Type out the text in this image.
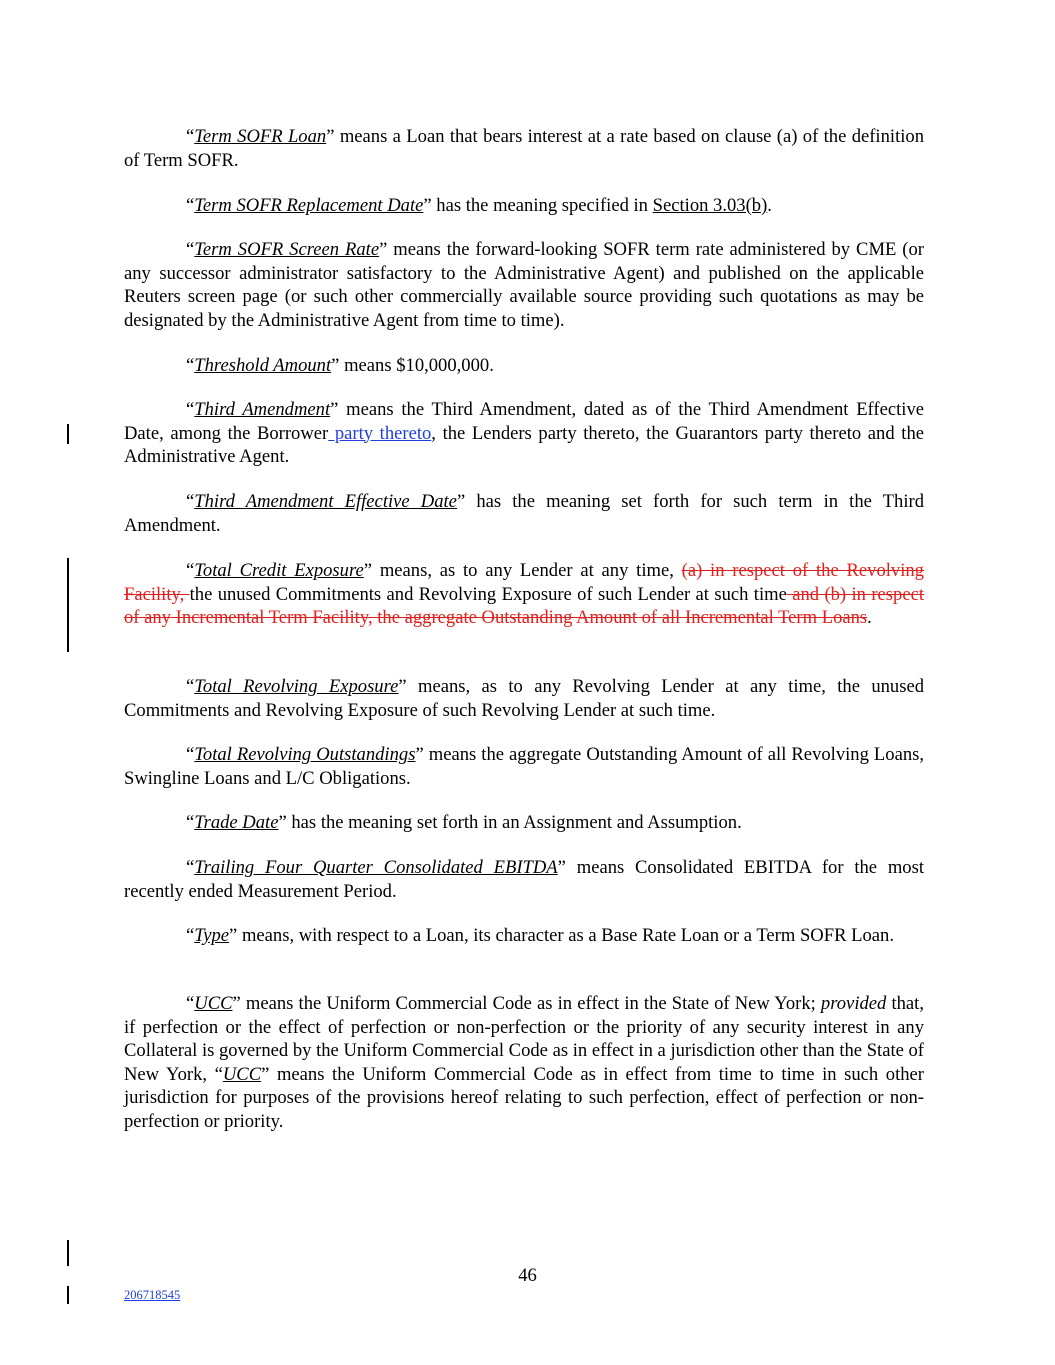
“Term SOFR Loan” means a Loan that bears interest at a rate based on clause (a) of the definition of Term SOFR.

“Term SOFR Replacement Date” has the meaning specified in Section 3.03(b).

“Term SOFR Screen Rate” means the forward-looking SOFR term rate administered by CME (or any successor administrator satisfactory to the Administrative Agent) and published on the applicable Reuters screen page (or such other commercially available source providing such quotations as may be designated by the Administrative Agent from time to time).

“Threshold Amount” means $10,000,000.

“Third Amendment” means the Third Amendment, dated as of the Third Amendment Effective Date, among the Borrower party thereto, the Lenders party thereto, the Guarantors party thereto and the Administrative Agent.

“Third Amendment Effective Date” has the meaning set forth for such term in the Third Amendment.

“Total Credit Exposure” means, as to any Lender at any time, (a) in respect of the Revolving Facility, the unused Commitments and Revolving Exposure of such Lender at such time and (b) in respect of any Incremental Term Facility, the aggregate Outstanding Amount of all Incremental Term Loans.

“Total Revolving Exposure” means, as to any Revolving Lender at any time, the unused Commitments and Revolving Exposure of such Revolving Lender at such time.

“Total Revolving Outstandings” means the aggregate Outstanding Amount of all Revolving Loans, Swingline Loans and L/C Obligations.

“Trade Date” has the meaning set forth in an Assignment and Assumption.

“Trailing Four Quarter Consolidated EBITDA” means Consolidated EBITDA for the most recently ended Measurement Period.

“Type” means, with respect to a Loan, its character as a Base Rate Loan or a Term SOFR Loan.

“UCC” means the Uniform Commercial Code as in effect in the State of New York; provided that, if perfection or the effect of perfection or non-perfection or the priority of any security interest in any Collateral is governed by the Uniform Commercial Code as in effect in a jurisdiction other than the State of New York, “UCC” means the Uniform Commercial Code as in effect from time to time in such other jurisdiction for purposes of the provisions hereof relating to such perfection, effect of perfection or non-perfection or priority.

46
206718545
